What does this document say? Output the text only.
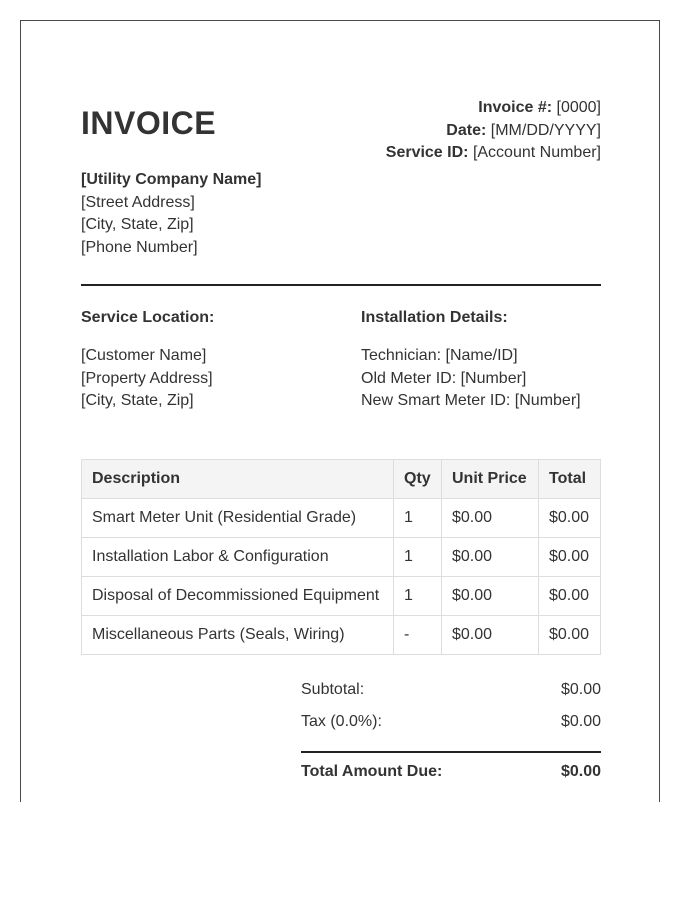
INVOICE	Invoice #: [0000]
Date: [MM/DD/YYYY]
Service ID: [Account Number]
[Utility Company Name]
[Street Address]
[City, State, Zip]
[Phone Number]
Service Location:
[Customer Name]
[Property Address]
[City, State, Zip]
Installation Details:
Technician: [Name/ID]
Old Meter ID: [Number]
New Smart Meter ID: [Number]
Description	Qty	Unit Price	Total
Smart Meter Unit (Residential Grade)	1	$0.00	$0.00
Installation Labor & Configuration	1	$0.00	$0.00
Disposal of Decommissioned Equipment	1	$0.00	$0.00
Miscellaneous Parts (Seals, Wiring)	-	$0.00	$0.00
Subtotal:	$0.00
Tax (0.0%):	$0.00
Total Amount Due:	$0.00
